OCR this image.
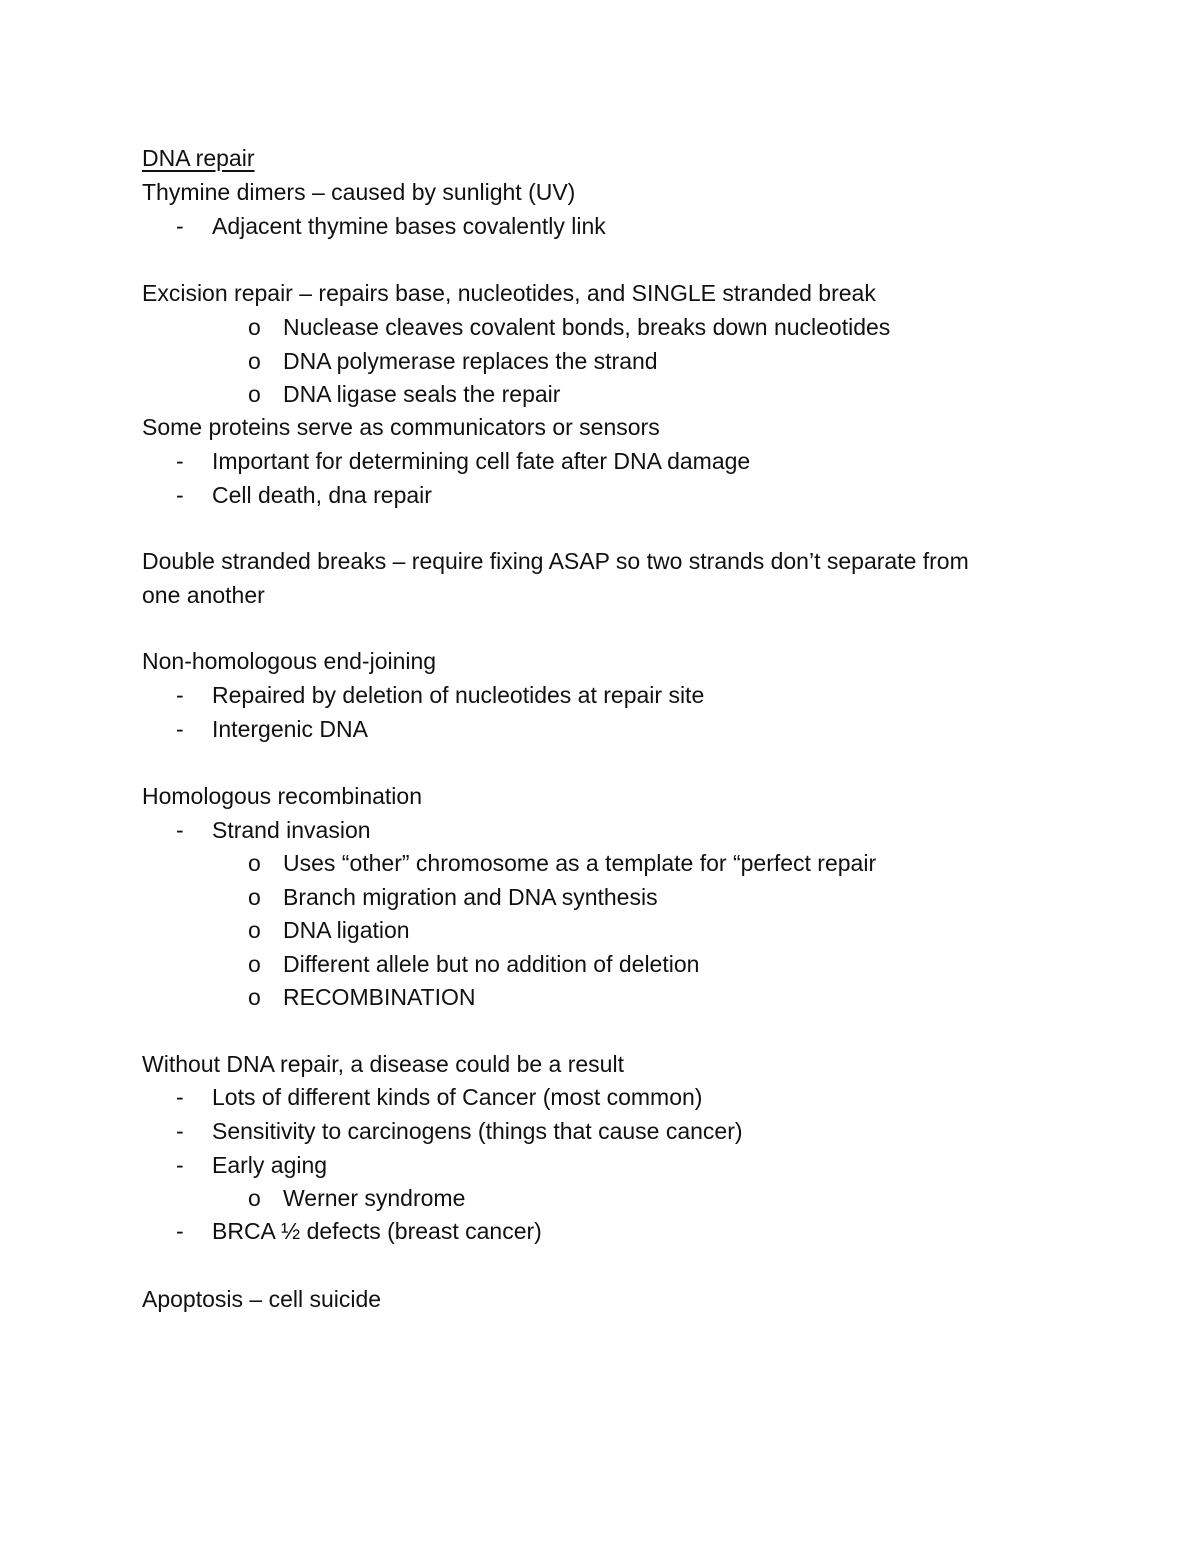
DNA repair
Thymine dimers – caused by sunlight (UV)
- Adjacent thymine bases covalently link
Excision repair – repairs base, nucleotides, and SINGLE stranded break
o Nuclease cleaves covalent bonds, breaks down nucleotides
o DNA polymerase replaces the strand
o DNA ligase seals the repair
Some proteins serve as communicators or sensors
- Important for determining cell fate after DNA damage
- Cell death, dna repair
Double stranded breaks – require fixing ASAP so two strands don’t separate from
one another
Non-homologous end-joining
- Repaired by deletion of nucleotides at repair site
- Intergenic DNA
Homologous recombination
- Strand invasion
o Uses “other” chromosome as a template for “perfect repair
o Branch migration and DNA synthesis
o DNA ligation
o Different allele but no addition of deletion
o RECOMBINATION
Without DNA repair, a disease could be a result
- Lots of different kinds of Cancer (most common)
- Sensitivity to carcinogens (things that cause cancer)
- Early aging
o Werner syndrome
- BRCA ½ defects (breast cancer)
Apoptosis – cell suicide
